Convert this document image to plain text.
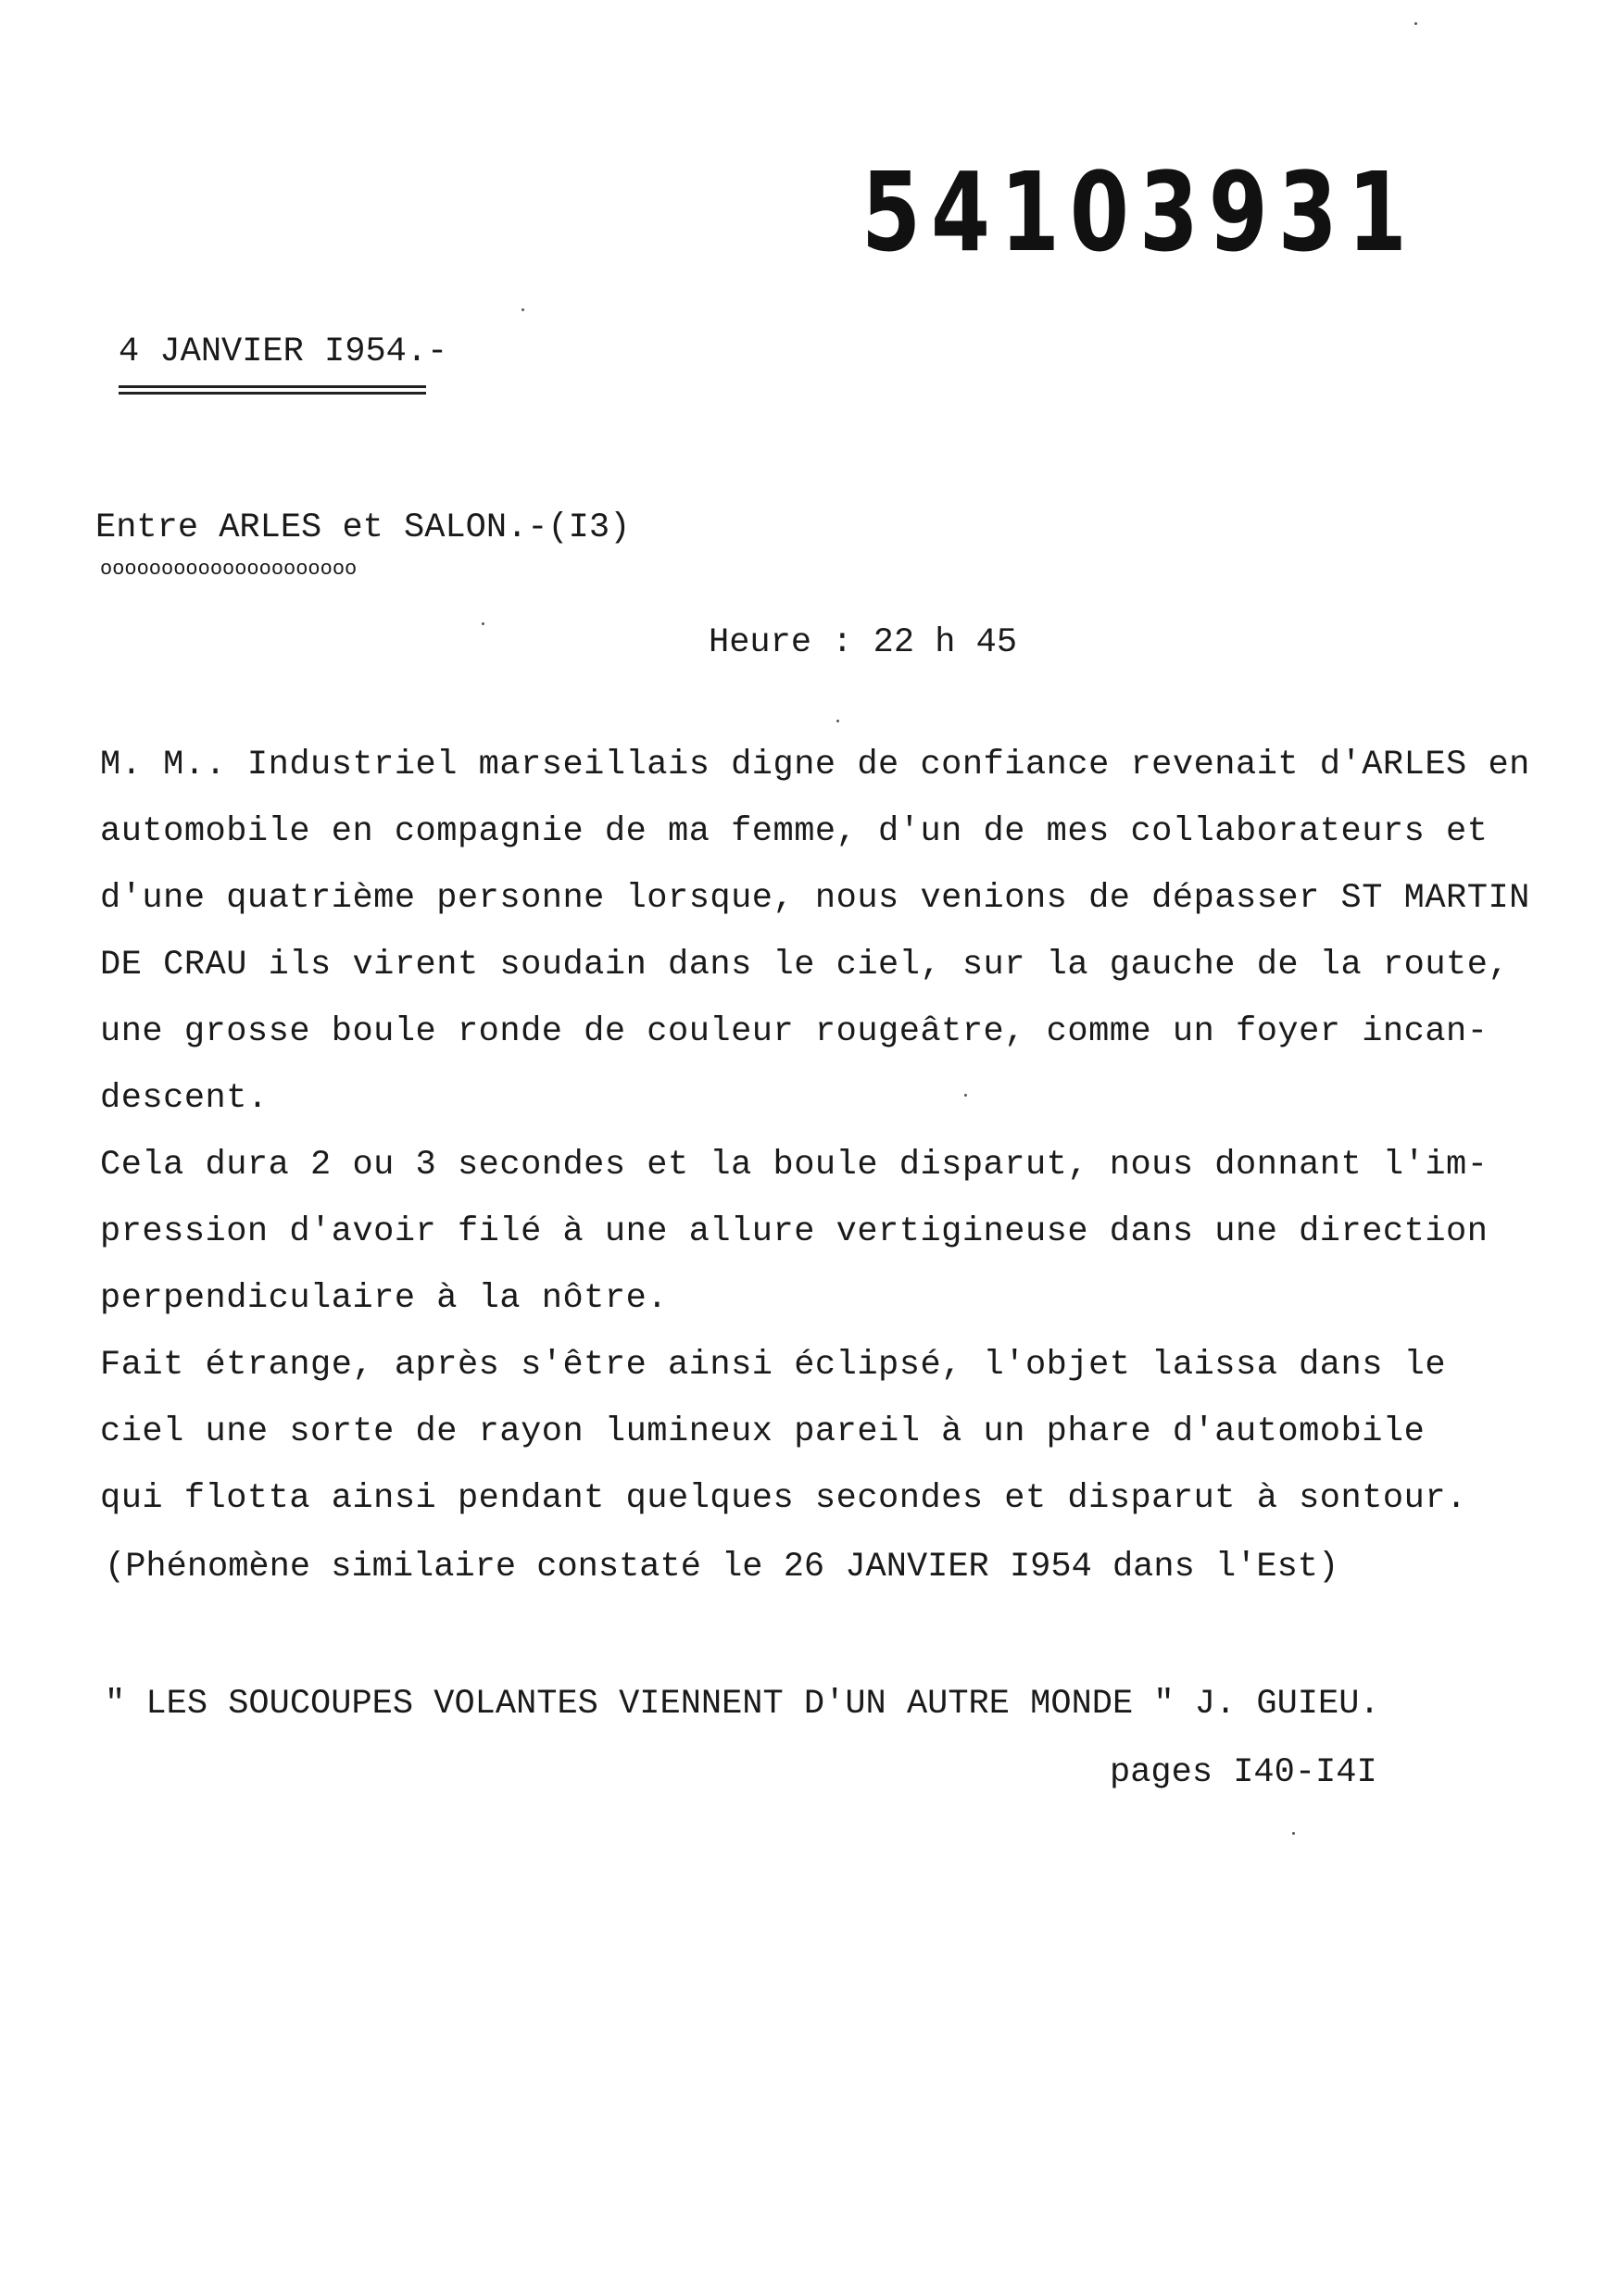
54103931
4 JANVIER I954.-
Entre ARLES et SALON.-(I3)
ooooooooooooooooooooo
Heure : 22 h 45
M. M.. Industriel marseillais digne de confiance revenait d'ARLES en
automobile en compagnie de ma femme, d'un de mes collaborateurs et
d'une quatrième personne lorsque, nous venions de dépasser ST MARTIN
DE CRAU ils virent soudain dans le ciel, sur la gauche de la route,
une grosse boule ronde de couleur rougeâtre, comme un foyer incan-
descent.
Cela dura 2 ou 3 secondes et la boule disparut, nous donnant l'im-
pression d'avoir filé à une allure vertigineuse dans une direction
perpendiculaire à la nôtre.
Fait étrange, après s'être ainsi éclipsé, l'objet laissa dans le
ciel une sorte de rayon lumineux pareil à un phare d'automobile
qui flotta ainsi pendant quelques secondes et disparut à sontour.
(Phénomène similaire constaté le 26 JANVIER I954 dans l'Est)
" LES SOUCOUPES VOLANTES VIENNENT D'UN AUTRE MONDE " J. GUIEU.
pages I40-I4I
